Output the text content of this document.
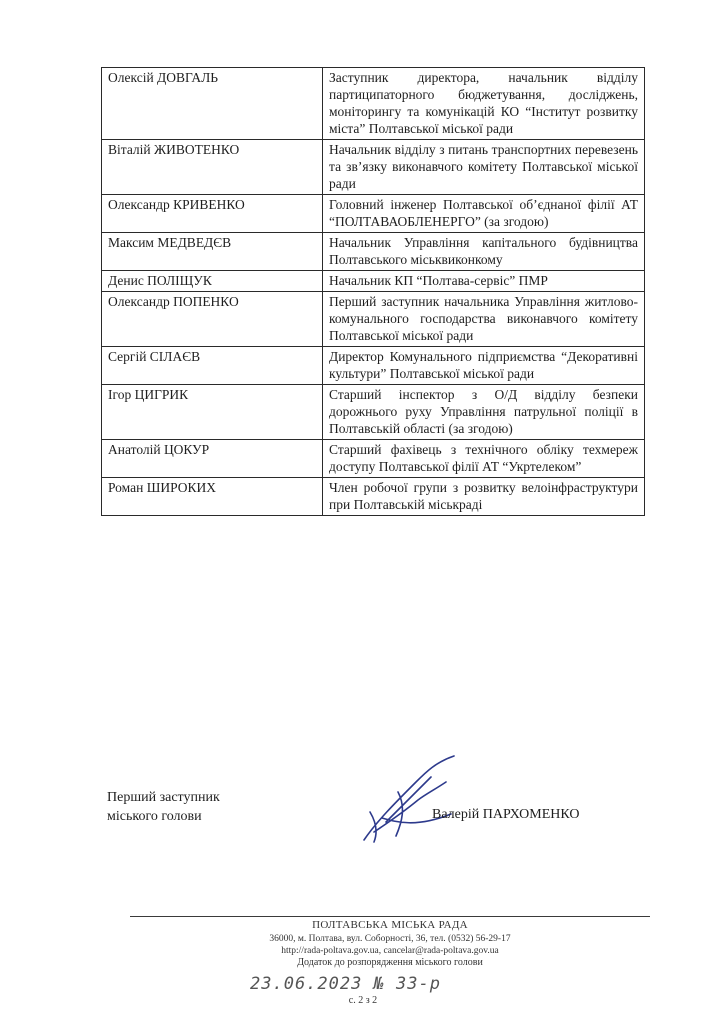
Олексій ДОВГАЛЬ	Заступник директора, начальник відділу партиципаторного бюджетування, досліджень, моніторингу та комунікацій КО “Інститут розвитку міста” Полтавської міської ради
Віталій ЖИВОТЕНКО	Начальник відділу з питань транспортних перевезень та зв’язку виконавчого комітету Полтавської міської ради
Олександр КРИВЕНКО	Головний інженер Полтавської об’єднаної філії АТ “ПОЛТАВАОБЛЕНЕРГО” (за згодою)
Максим МЕДВЕДЄВ	Начальник Управління капітального будівництва Полтавського міськвиконкому
Денис ПОЛІЩУК	Начальник КП “Полтава-сервіс” ПМР
Олександр ПОПЕНКО	Перший заступник начальника Управління житлово-комунального господарства виконавчого комітету Полтавської міської ради
Сергій СІЛАЄВ	Директор Комунального підприємства “Декоративні культури” Полтавської міської ради
Ігор ЦИГРИК	Старший інспектор з О/Д відділу безпеки дорожнього руху Управління патрульної поліції в Полтавській області (за згодою)
Анатолій ЦОКУР	Старший фахівець з технічного обліку техмереж доступу Полтавської філії АТ “Укртелеком”
Роман ШИРОКИХ	Член робочої групи з розвитку велоінфраструктури при Полтавській міськраді
Перший заступник
міського голови	Валерій ПАРХОМЕНКО
ПОЛТАВСЬКА МІСЬКА РАДА
36000, м. Полтава, вул. Соборності, 36, тел. (0532) 56-29-17
http://rada-poltava.gov.ua, cancelar@rada-poltava.gov.ua
Додаток до розпорядження міського голови
23.06.2023 № 33-р
с. 2 з 2
